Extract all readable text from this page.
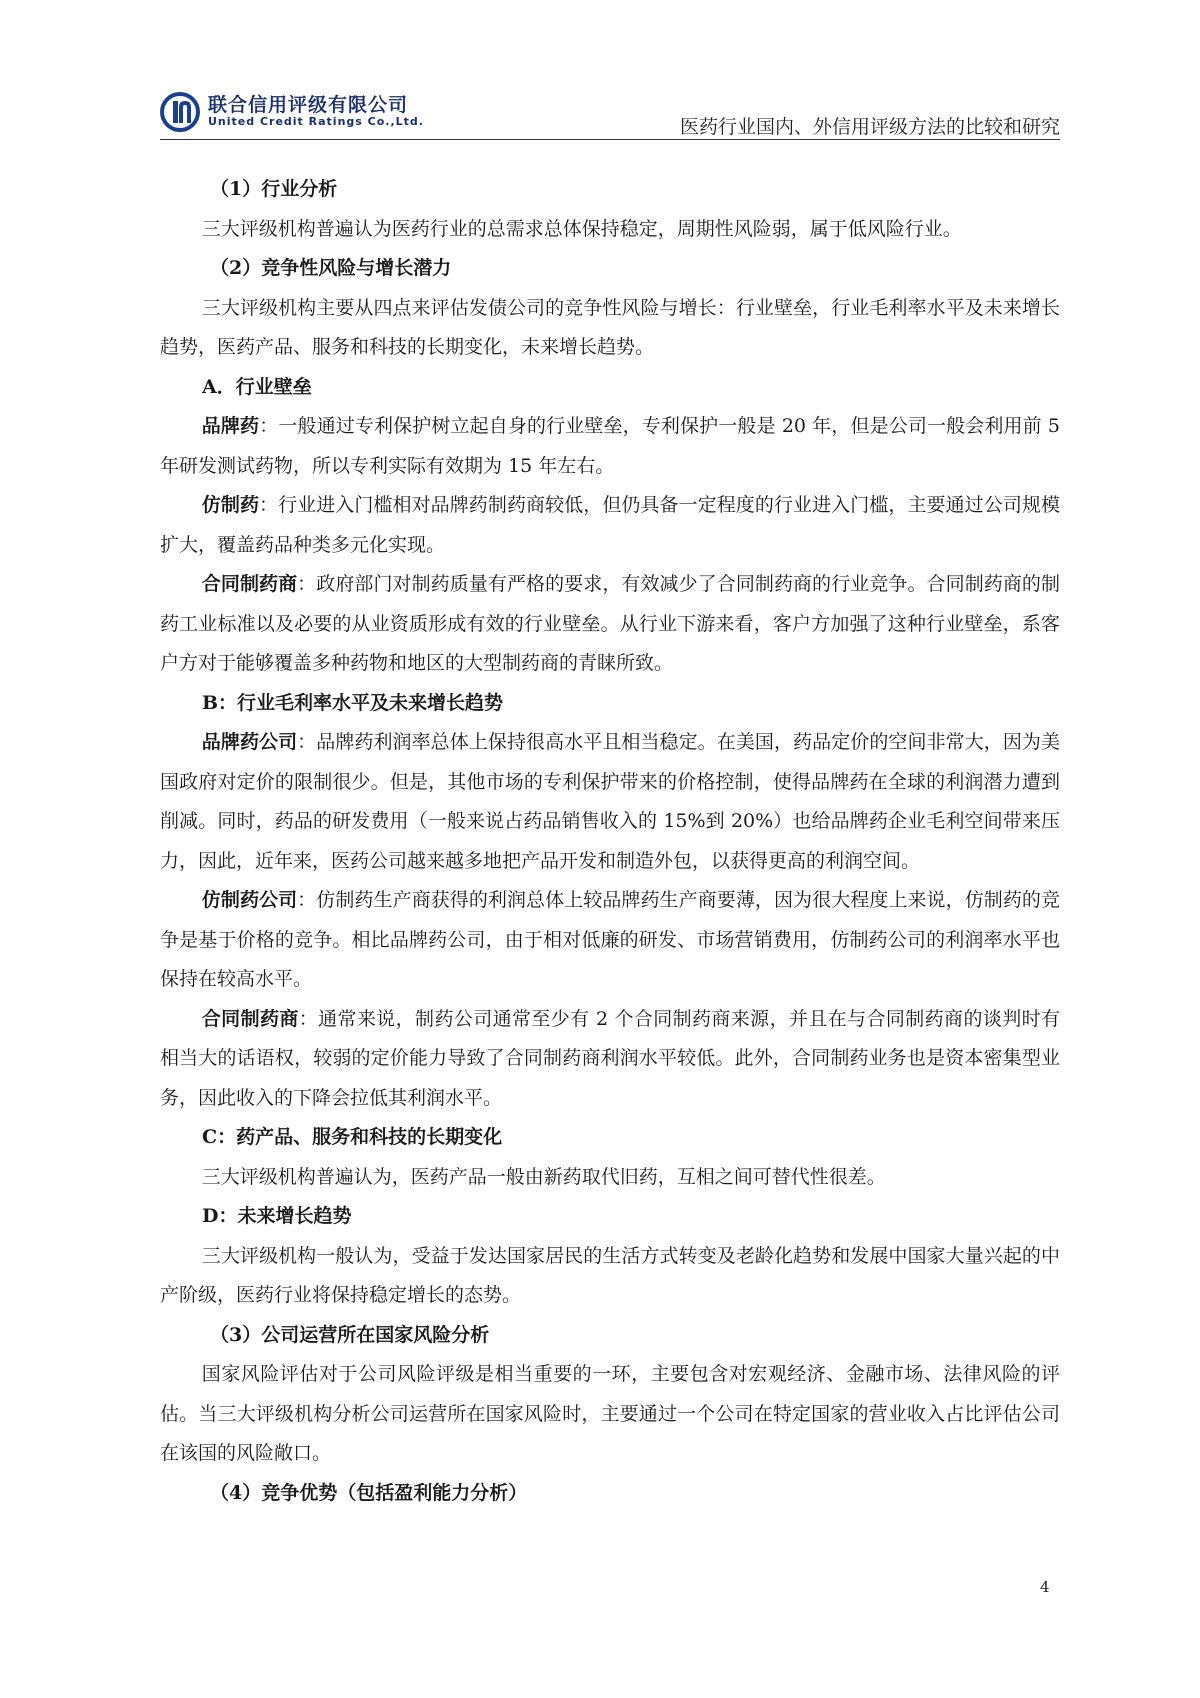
联合信用评级有限公司
United Credit Ratings Co.,Ltd.	医药行业国内、外信用评级方法的比较和研究

（1）行业分析

三大评级机构普遍认为医药行业的总需求总体保持稳定，周期性风险弱，属于低风险行业。

（2）竞争性风险与增长潜力

三大评级机构主要从四点来评估发债公司的竞争性风险与增长：行业壁垒，行业毛利率水平及未来增长趋势，医药产品、服务和科技的长期变化，未来增长趋势。

A．行业壁垒

品牌药：一般通过专利保护树立起自身的行业壁垒，专利保护一般是 20 年，但是公司一般会利用前 5 年研发测试药物，所以专利实际有效期为 15 年左右。

仿制药：行业进入门槛相对品牌药制药商较低，但仍具备一定程度的行业进入门槛，主要通过公司规模扩大，覆盖药品种类多元化实现。

合同制药商：政府部门对制药质量有严格的要求，有效减少了合同制药商的行业竞争。合同制药商的制药工业标准以及必要的从业资质形成有效的行业壁垒。从行业下游来看，客户方加强了这种行业壁垒，系客户方对于能够覆盖多种药物和地区的大型制药商的青睐所致。

B：行业毛利率水平及未来增长趋势

品牌药公司：品牌药利润率总体上保持很高水平且相当稳定。在美国，药品定价的空间非常大，因为美国政府对定价的限制很少。但是，其他市场的专利保护带来的价格控制，使得品牌药在全球的利润潜力遭到削减。同时，药品的研发费用（一般来说占药品销售收入的 15%到 20%）也给品牌药企业毛利空间带来压力，因此，近年来，医药公司越来越多地把产品开发和制造外包，以获得更高的利润空间。

仿制药公司：仿制药生产商获得的利润总体上较品牌药生产商要薄，因为很大程度上来说，仿制药的竞争是基于价格的竞争。相比品牌药公司，由于相对低廉的研发、市场营销费用，仿制药公司的利润率水平也保持在较高水平。

合同制药商：通常来说，制药公司通常至少有 2 个合同制药商来源，并且在与合同制药商的谈判时有相当大的话语权，较弱的定价能力导致了合同制药商利润水平较低。此外，合同制药业务也是资本密集型业务，因此收入的下降会拉低其利润水平。

C：药产品、服务和科技的长期变化

三大评级机构普遍认为，医药产品一般由新药取代旧药，互相之间可替代性很差。

D：未来增长趋势

三大评级机构一般认为，受益于发达国家居民的生活方式转变及老龄化趋势和发展中国家大量兴起的中产阶级，医药行业将保持稳定增长的态势。

（3）公司运营所在国家风险分析

国家风险评估对于公司风险评级是相当重要的一环，主要包含对宏观经济、金融市场、法律风险的评估。当三大评级机构分析公司运营所在国家风险时，主要通过一个公司在特定国家的营业收入占比评估公司在该国的风险敞口。

（4）竞争优势（包括盈利能力分析）

4
